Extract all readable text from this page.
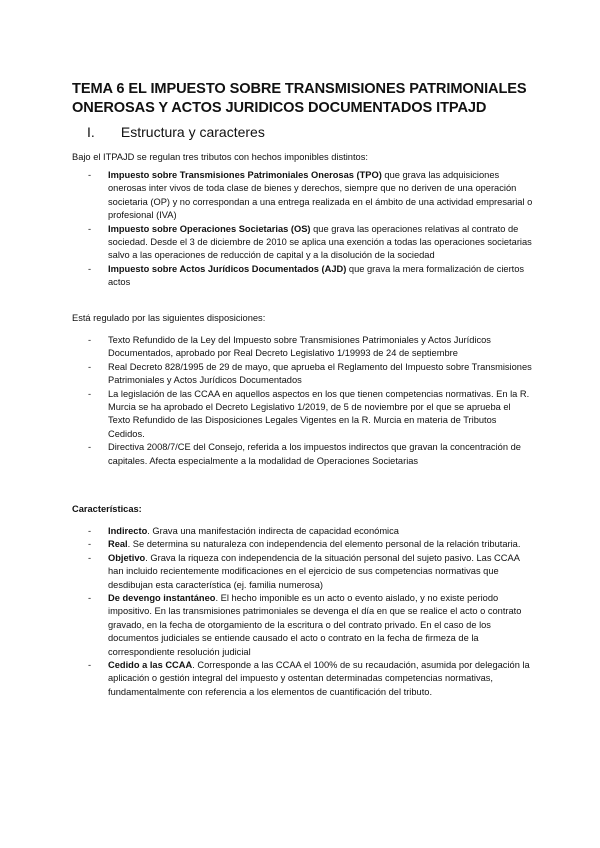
TEMA 6 EL IMPUESTO SOBRE TRANSMISIONES PATRIMONIALES ONEROSAS Y ACTOS JURIDICOS DOCUMENTADOS ITPAJD
I. Estructura y caracteres
Bajo el ITPAJD se regulan tres tributos con hechos imponibles distintos:
- Impuesto sobre Transmisiones Patrimoniales Onerosas (TPO) que grava las adquisiciones onerosas inter vivos de toda clase de bienes y derechos, siempre que no deriven de una operación societaria (OP) y no correspondan a una entrega realizada en el ámbito de una actividad empresarial o profesional (IVA)
- Impuesto sobre Operaciones Societarias (OS) que grava las operaciones relativas al contrato de sociedad. Desde el 3 de diciembre de 2010 se aplica una exención a todas las operaciones societarias salvo a las operaciones de reducción de capital y a la disolución de la sociedad
- Impuesto sobre Actos Jurídicos Documentados (AJD) que grava la mera formalización de ciertos actos
Está regulado por las siguientes disposiciones:
- Texto Refundido de la Ley del Impuesto sobre Transmisiones Patrimoniales y Actos Jurídicos Documentados, aprobado por Real Decreto Legislativo 1/19993 de 24 de septiembre
- Real Decreto 828/1995 de 29 de mayo, que aprueba el Reglamento del Impuesto sobre Transmisiones Patrimoniales y Actos Jurídicos Documentados
- La legislación de las CCAA en aquellos aspectos en los que tienen competencias normativas. En la R. Murcia se ha aprobado el Decreto Legislativo 1/2019, de 5 de noviembre por el que se aprueba el Texto Refundido de las Disposiciones Legales Vigentes en la R. Murcia en materia de Tributos Cedidos.
- Directiva 2008/7/CE del Consejo, referida a los impuestos indirectos que gravan la concentración de capitales. Afecta especialmente a la modalidad de Operaciones Societarias
Características:
- Indirecto. Grava una manifestación indirecta de capacidad económica
- Real. Se determina su naturaleza con independencia del elemento personal de la relación tributaria.
- Objetivo. Grava la riqueza con independencia de la situación personal del sujeto pasivo. Las CCAA han incluido recientemente modificaciones en el ejercicio de sus competencias normativas que desdibujan esta característica (ej. familia numerosa)
- De devengo instantáneo. El hecho imponible es un acto o evento aislado, y no existe periodo impositivo. En las transmisiones patrimoniales se devenga el día en que se realice el acto o contrato gravado, en la fecha de otorgamiento de la escritura o del contrato privado. En el caso de los documentos judiciales se entiende causado el acto o contrato en la fecha de firmeza de la correspondiente resolución judicial
- Cedido a las CCAA. Corresponde a las CCAA el 100% de su recaudación, asumida por delegación la aplicación o gestión integral del impuesto y ostentan determinadas competencias normativas, fundamentalmente con referencia a los elementos de cuantificación del tributo.
